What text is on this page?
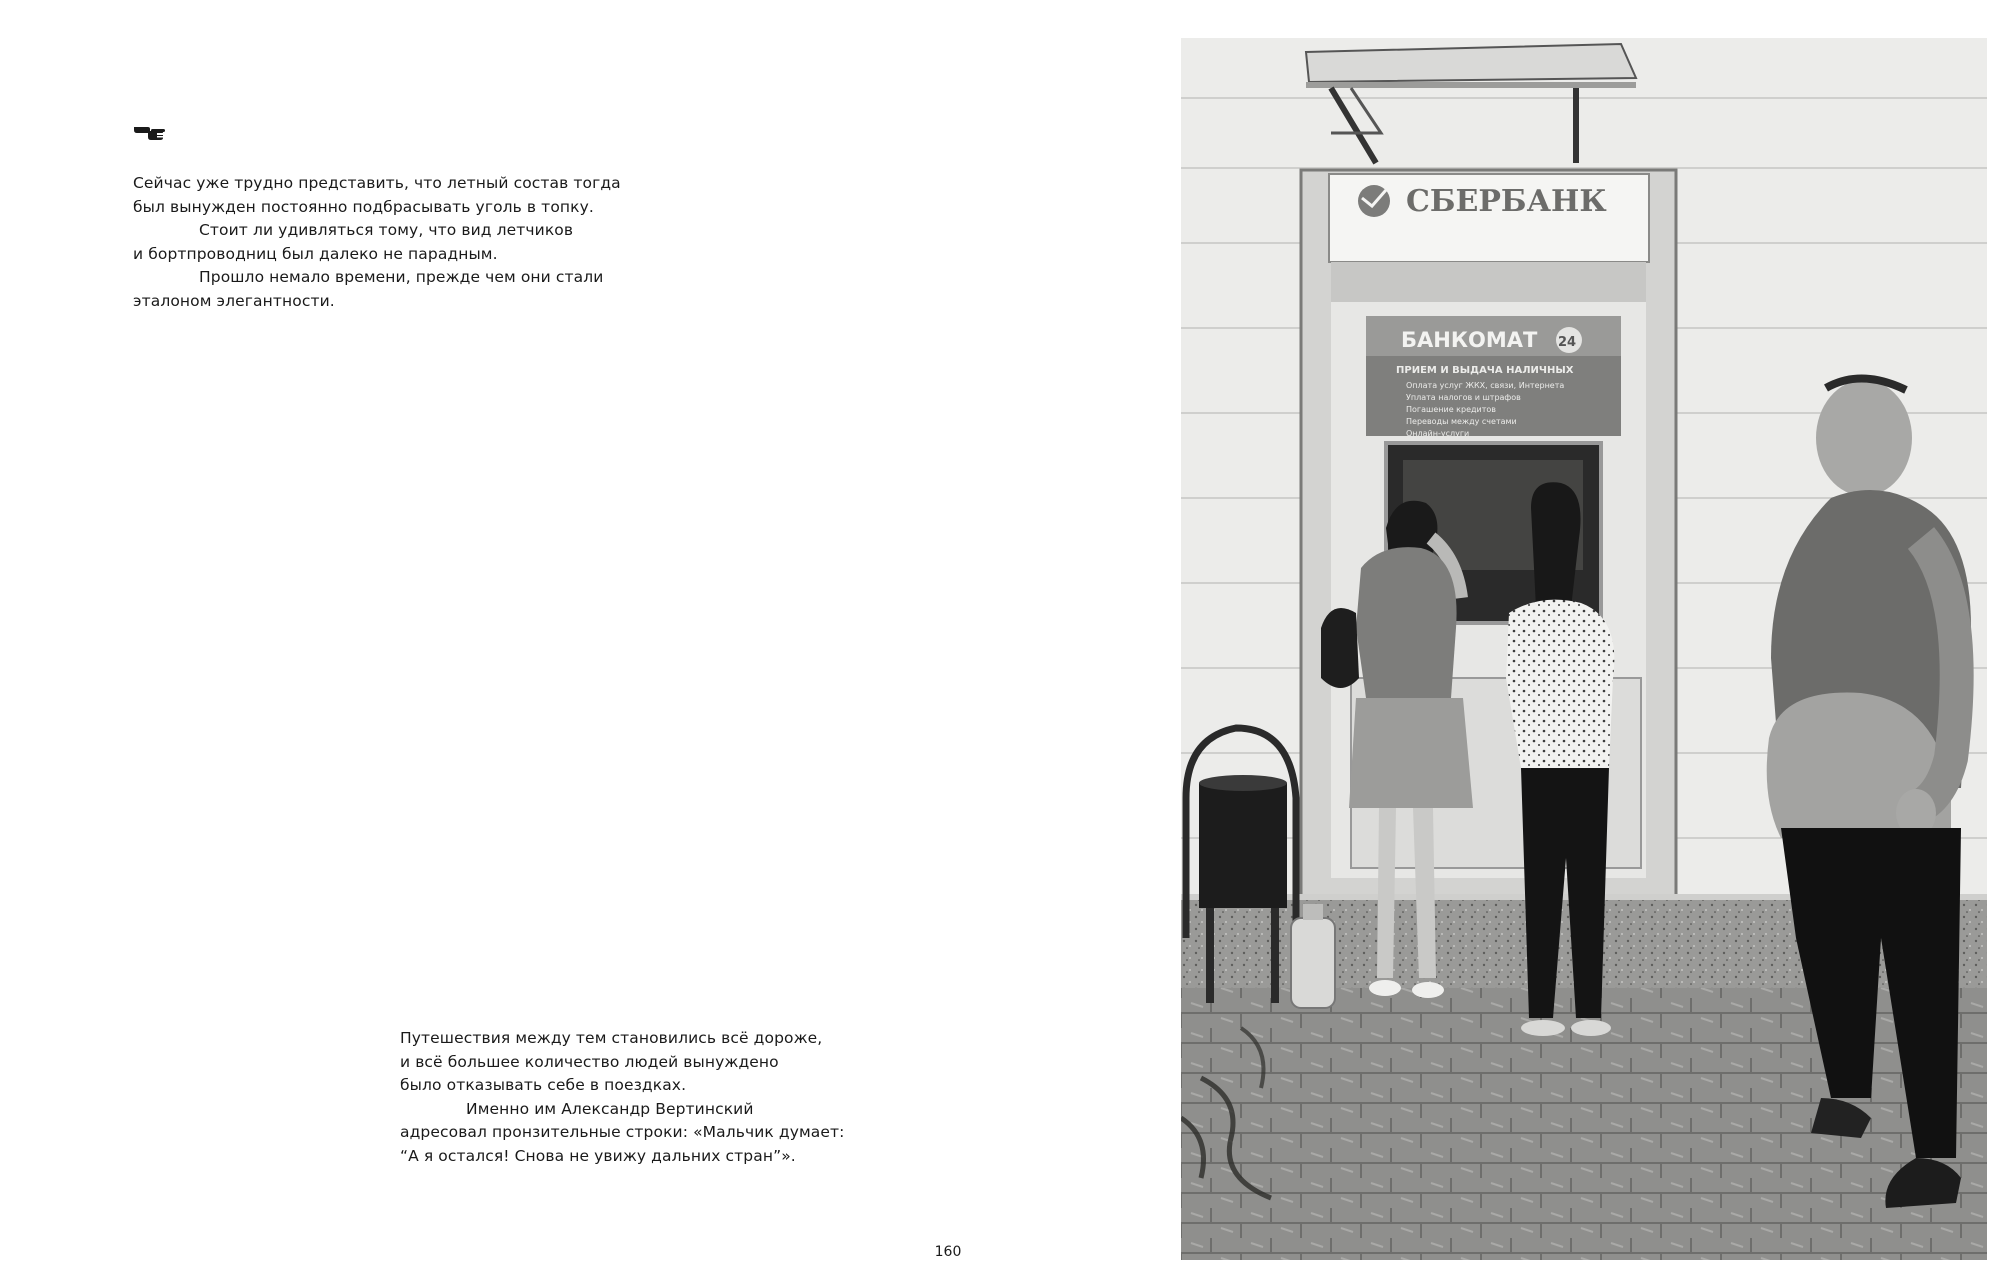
Сейчас уже трудно представить, что летный состав тогда

был вынужден постоянно подбрасывать уголь в топку.

Стоит ли удивляться тому, что вид летчиков

и бортпроводниц был далеко не парадным.

Прошло немало времени, прежде чем они стали

эталоном элегантности.

Путешествия между тем становились всё дороже,

и всё большее количество людей вынуждено

было отказывать себе в поездках.

Именно им Александр Вертинский

адресовал пронзительные строки: «Мальчик думает:

“А я остался! Снова не увижу дальних стран”».

160
СБЕРБАНК
БАНКОМАТ 24
ПРИЕМ И ВЫДАЧА НАЛИЧНЫХ
Оплата услуг ЖКХ, связи, Интернета
Уплата налогов и штрафов
Погашение кредитов
Переводы между счетами
Онлайн-услуги
